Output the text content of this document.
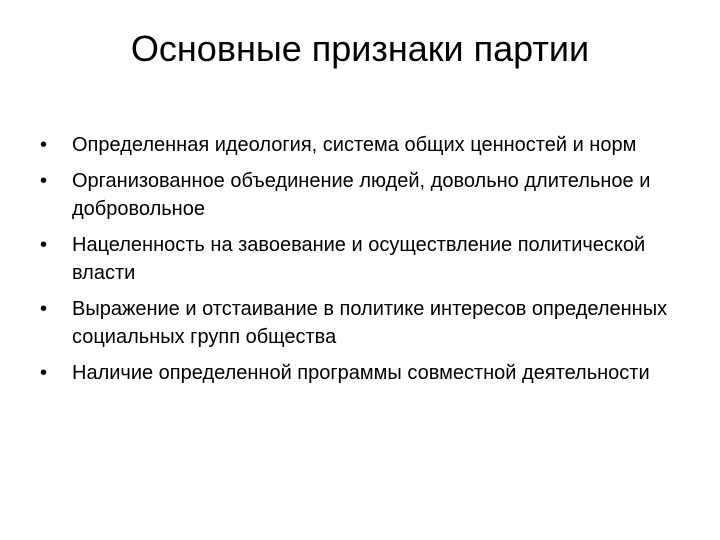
Основные признаки партии
•	Определенная идеология, система общих ценностей и норм
•	Организованное объединение людей, довольно длительное и добровольное
•	Нацеленность на завоевание и осуществление политической власти
•	Выражение и отстаивание в политике интересов определенных социальных групп общества
•	Наличие определенной программы совместной деятельности
